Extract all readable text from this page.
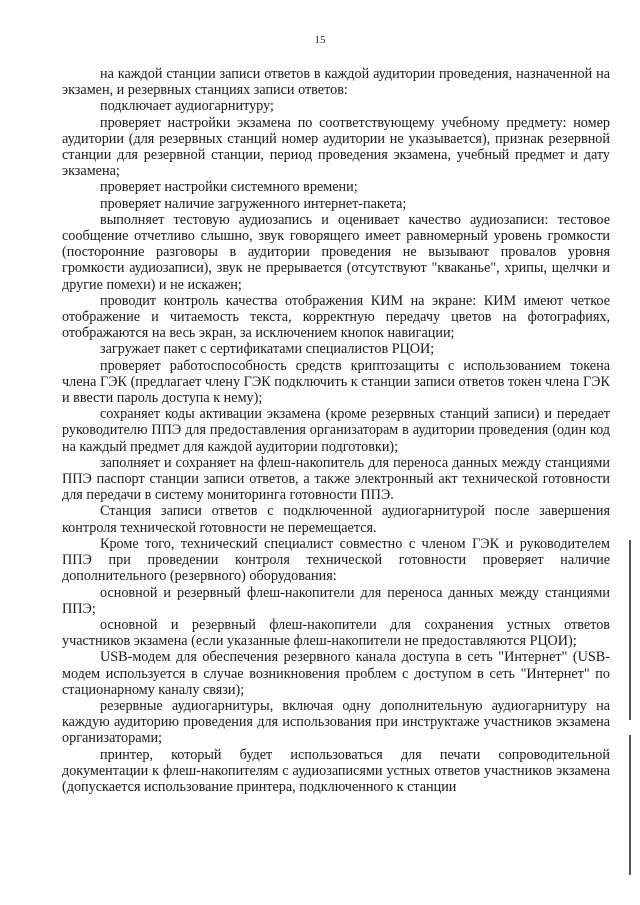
15

на каждой станции записи ответов в каждой аудитории проведения, назначенной на экзамен, и резервных станциях записи ответов:

подключает аудиогарнитуру;

проверяет настройки экзамена по соответствующему учебному предмету: номер аудитории (для резервных станций номер аудитории не указывается), признак резервной станции для резервной станции, период проведения экзамена, учебный предмет и дату экзамена;

проверяет настройки системного времени;

проверяет наличие загруженного интернет-пакета;

выполняет тестовую аудиозапись и оценивает качество аудиозаписи: тестовое сообщение отчетливо слышно, звук говорящего имеет равномерный уровень громкости (посторонние разговоры в аудитории проведения не вызывают провалов уровня громкости аудиозаписи), звук не прерывается (отсутствуют "кваканье", хрипы, щелчки и другие помехи) и не искажен;

проводит контроль качества отображения КИМ на экране: КИМ имеют четкое отображение и читаемость текста, корректную передачу цветов на фотографиях, отображаются на весь экран, за исключением кнопок навигации;

загружает пакет с сертификатами специалистов РЦОИ;

проверяет работоспособность средств криптозащиты с использованием токена члена ГЭК (предлагает члену ГЭК подключить к станции записи ответов токен члена ГЭК и ввести пароль доступа к нему);

сохраняет коды активации экзамена (кроме резервных станций записи) и передает руководителю ППЭ для предоставления организаторам в аудитории проведения (один код на каждый предмет для каждой аудитории подготовки);

заполняет и сохраняет на флеш-накопитель для переноса данных между станциями ППЭ паспорт станции записи ответов, а также электронный акт технической готовности для передачи в систему мониторинга готовности ППЭ.

Станция записи ответов с подключенной аудиогарнитурой после завершения контроля технической готовности не перемещается.

Кроме того, технический специалист совместно с членом ГЭК и руководителем ППЭ при проведении контроля технической готовности проверяет наличие дополнительного (резервного) оборудования:

основной и резервный флеш-накопители для переноса данных между станциями ППЭ;

основной и резервный флеш-накопители для сохранения устных ответов участников экзамена (если указанные флеш-накопители не предоставляются РЦОИ);

USB-модем для обеспечения резервного канала доступа в сеть "Интернет" (USB-модем используется в случае возникновения проблем с доступом в сеть "Интернет" по стационарному каналу связи);

резервные аудиогарнитуры, включая одну дополнительную аудиогарнитуру на каждую аудиторию проведения для использования при инструктаже участников экзамена организаторами;

принтер, который будет использоваться для печати сопроводительной документации к флеш-накопителям с аудиозаписями устных ответов участников экзамена (допускается использование принтера, подключенного к станции
